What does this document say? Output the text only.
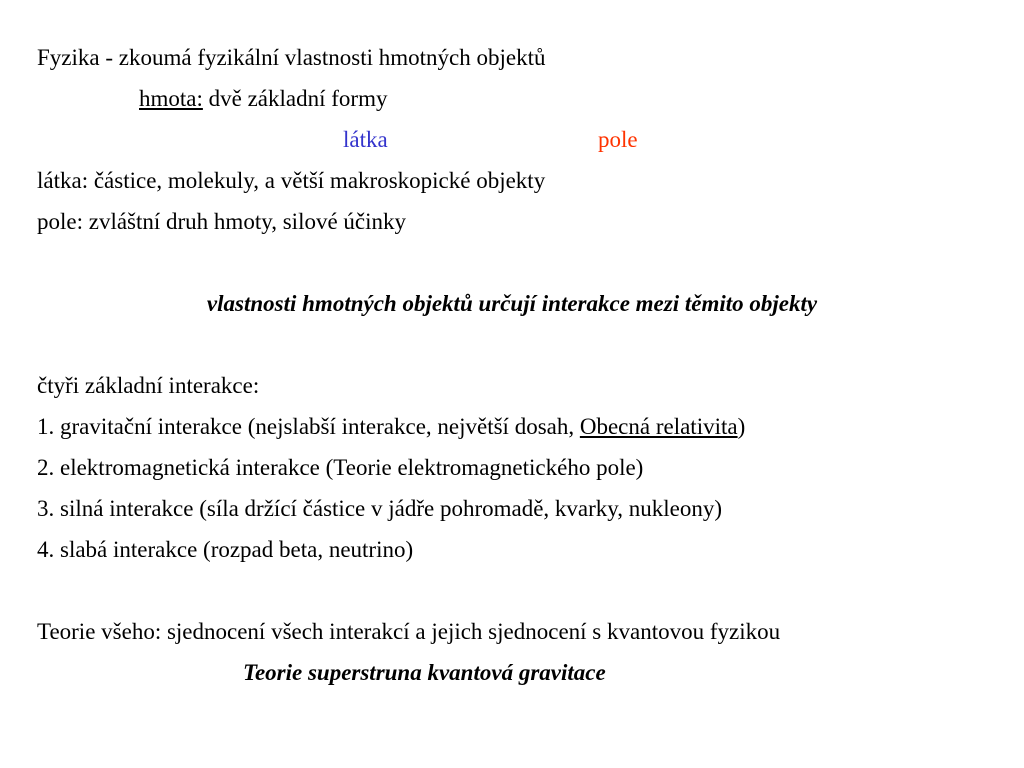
Fyzika - zkoumá fyzikální vlastnosti hmotných objektů
hmota: dvě základní formy
látka	pole
látka: částice, molekuly, a větší makroskopické objekty
pole: zvláštní druh hmoty, silové účinky
vlastnosti hmotných objektů určují interakce mezi těmito objekty
čtyři základní interakce:
1. gravitační interakce (nejslabší interakce, největší dosah, Obecná relativita)
2. elektromagnetická interakce (Teorie elektromagnetického pole)
3. silná interakce (síla držící částice v jádře pohromadě, kvarky, nukleony)
4. slabá interakce (rozpad beta, neutrino)
Teorie všeho: sjednocení všech interakcí a jejich sjednocení s kvantovou fyzikou
Teorie superstruna kvantová gravitace
